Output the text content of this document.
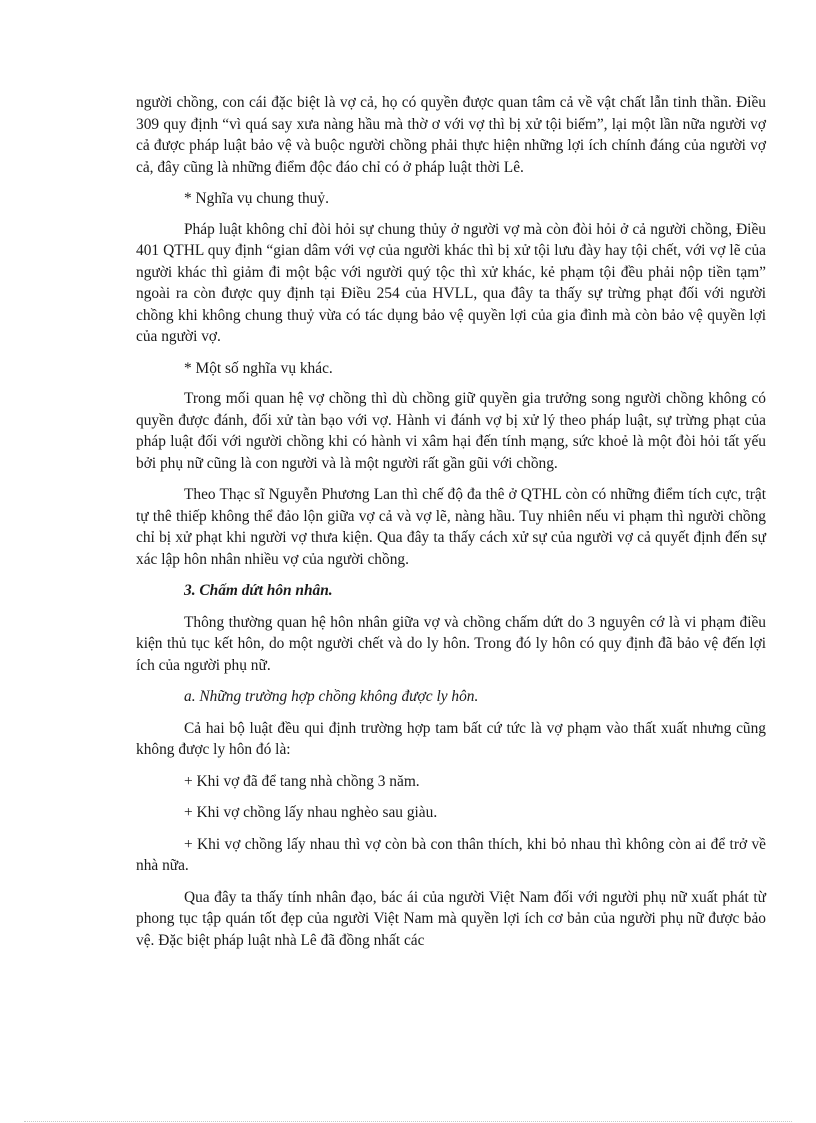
người chồng, con cái đặc biệt là vợ cả, họ có quyền được quan tâm cả về vật chất lẫn tinh thần. Điều 309 quy định “vì quá say xưa nàng hầu mà thờ ơ với vợ thì bị xử tội biếm”, lại một lần nữa người vợ cả được pháp luật bảo vệ và buộc người chồng phải thực hiện những lợi ích chính đáng của người vợ cả, đây cũng là những điểm độc đáo chỉ có ở pháp luật thời Lê.

* Nghĩa vụ chung thuỷ.

Pháp luật không chỉ đòi hỏi sự chung thủy ở người vợ mà còn đòi hỏi ở cả người chồng, Điều 401 QTHL quy định “gian dâm với vợ của người khác thì bị xử tội lưu đày hay tội chết, với vợ lẽ của người khác thì giảm đi một bậc với người quý tộc thì xử khác, kẻ phạm tội đều phải nộp tiền tạm” ngoài ra còn được quy định tại Điều 254 của HVLL, qua đây ta thấy sự trừng phạt đối với người chồng khi không chung thuỷ vừa có tác dụng bảo vệ quyền lợi của gia đình mà còn bảo vệ quyền lợi của người vợ.

* Một số nghĩa vụ khác.

Trong mối quan hệ vợ chồng thì dù chồng giữ quyền gia trưởng song người chồng không có quyền được đánh, đối xử tàn bạo với vợ. Hành vi đánh vợ bị xử lý theo pháp luật, sự trừng phạt của pháp luật đối với người chồng khi có hành vi xâm hại đến tính mạng, sức khoẻ là một đòi hỏi tất yếu bởi phụ nữ cũng là con người và là một người rất gần gũi với chồng.

Theo Thạc sĩ Nguyễn Phương Lan thì chế độ đa thê ở QTHL còn có những điểm tích cực, trật tự thê thiếp không thể đảo lộn giữa vợ cả và vợ lẽ, nàng hầu. Tuy nhiên nếu vi phạm thì người chồng chỉ bị xử phạt khi người vợ thưa kiện. Qua đây ta thấy cách xử sự của người vợ cả quyết định đến sự xác lập hôn nhân nhiều vợ của người chồng.

3. Chấm dứt hôn nhân.

Thông thường quan hệ hôn nhân giữa vợ và chồng chấm dứt do 3 nguyên cớ là vi phạm điều kiện thủ tục kết hôn, do một người chết và do ly hôn. Trong đó ly hôn có quy định đã bảo vệ đến lợi ích của người phụ nữ.

a. Những trường hợp chồng không được ly hôn.

Cả hai bộ luật đều qui định trường hợp tam bất cứ tức là vợ phạm vào thất xuất nhưng cũng không được ly hôn đó là:

+ Khi vợ đã để tang nhà chồng 3 năm.

+ Khi vợ chồng lấy nhau nghèo sau giàu.

+ Khi vợ chồng lấy nhau thì vợ còn bà con thân thích, khi bỏ nhau thì không còn ai để trở về nhà nữa.

Qua đây ta thấy tính nhân đạo, bác ái của người Việt Nam đối với người phụ nữ xuất phát từ phong tục tập quán tốt đẹp của người Việt Nam mà quyền lợi ích cơ bản của người phụ nữ được bảo vệ. Đặc biệt pháp luật nhà Lê đã đồng nhất các
